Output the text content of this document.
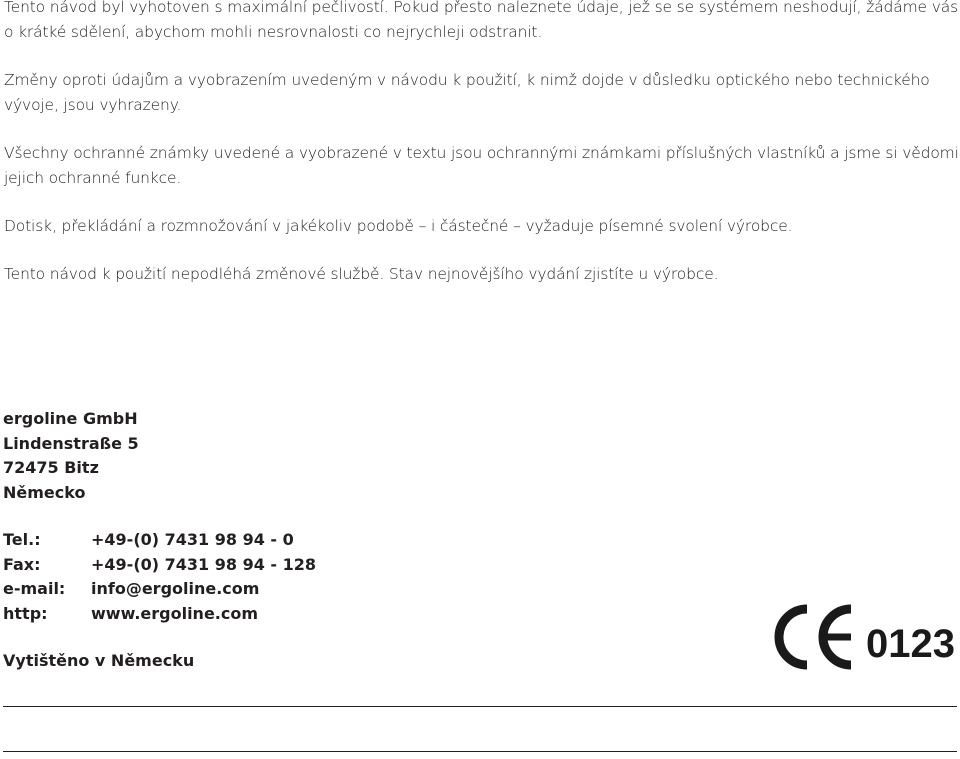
Tento návod byl vyhotoven s maximální pečlivostí. Pokud přesto naleznete údaje, jež se se systémem neshodují, žádáme vás
o krátké sdělení, abychom mohli nesrovnalosti co nejrychleji odstranit.

Změny oproti údajům a vyobrazením uvedeným v návodu k použití, k nimž dojde v důsledku optického nebo technického
vývoje, jsou vyhrazeny.

Všechny ochranné známky uvedené a vyobrazené v textu jsou ochrannými známkami příslušných vlastníků a jsme si vědomi
jejich ochranné funkce.

Dotisk, překládání a rozmnožování v jakékoliv podobě – i částečné – vyžaduje písemné svolení výrobce.

Tento návod k použití nepodléhá změnové službě. Stav nejnovějšího vydání zjistíte u výrobce.

ergoline GmbH
Lindenstraße 5
72475 Bitz
Německo
Tel.:	+49-(0) 7431 98 94 - 0
Fax:	+49-(0) 7431 98 94 - 128
e-mail: info@ergoline.com
http:	www.ergoline.com
Vytištěno v Německu	0123
